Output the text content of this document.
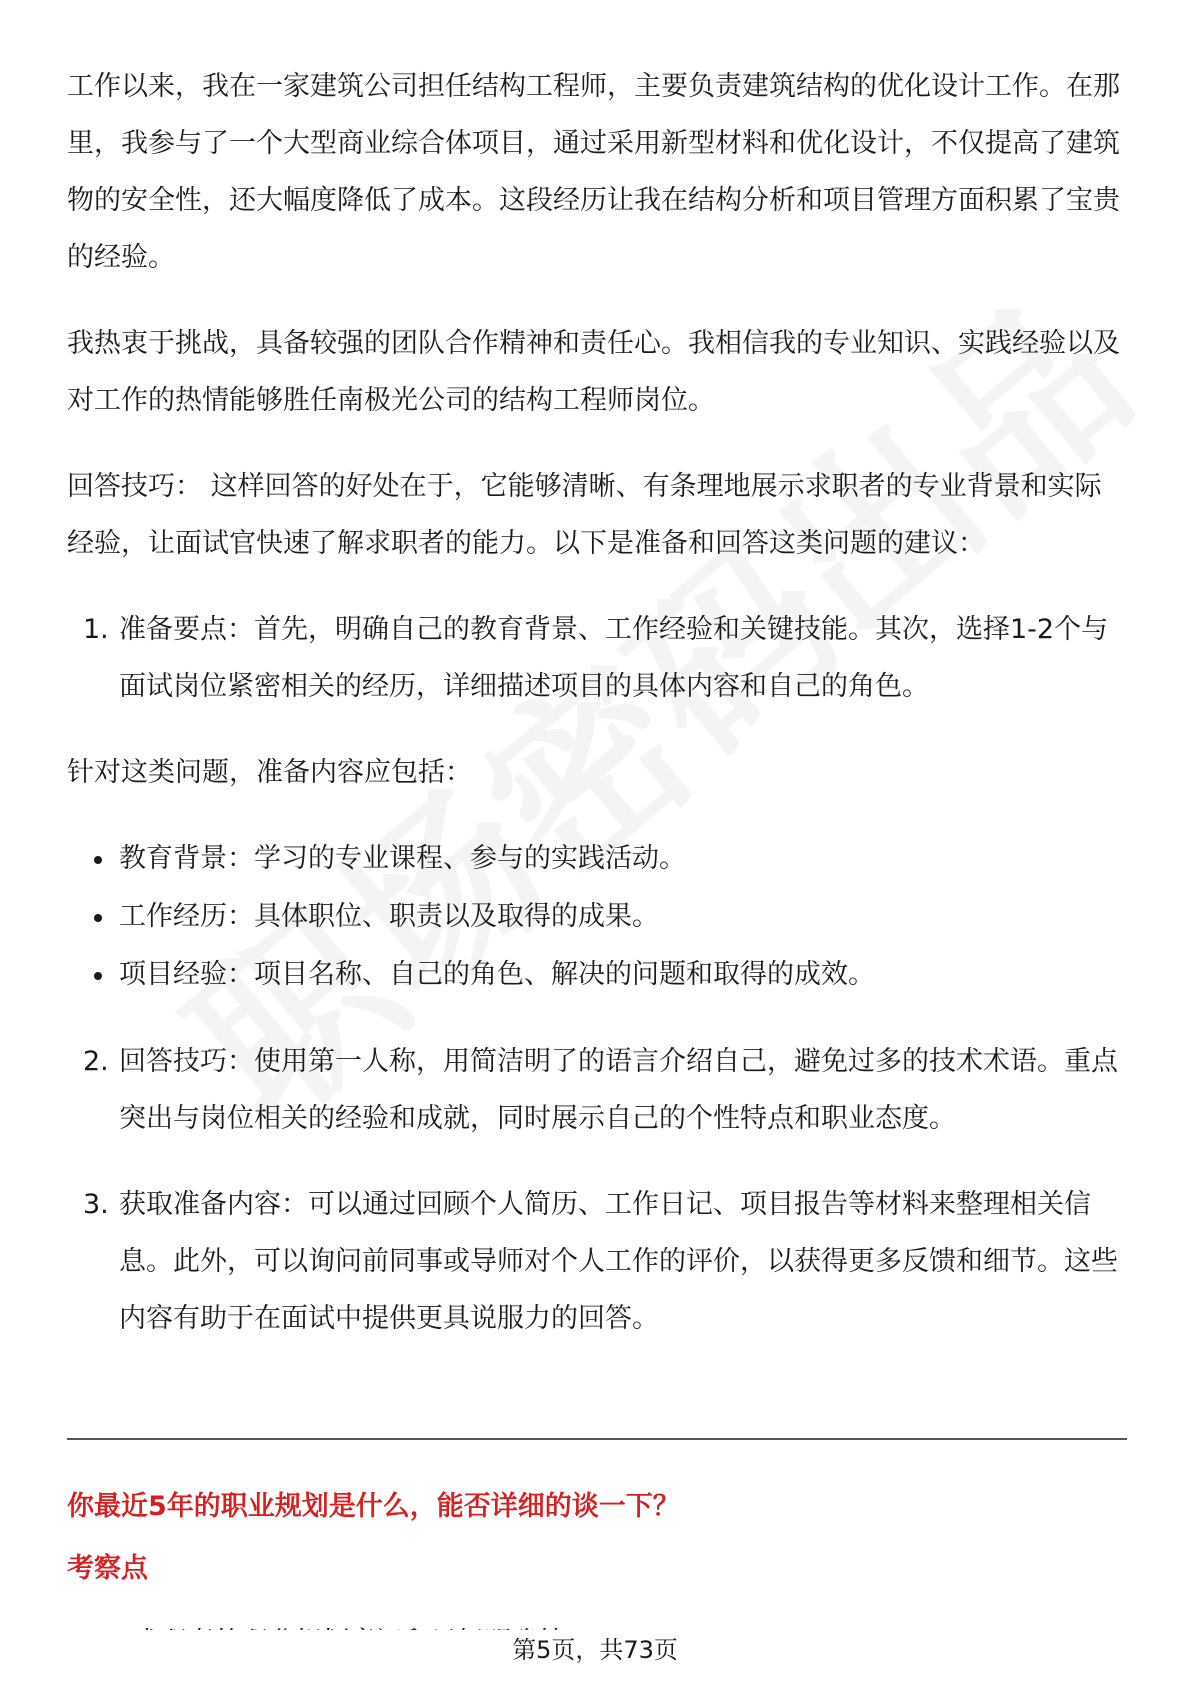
工作以来，我在一家建筑公司担任结构工程师，主要负责建筑结构的优化设计工作。在那里，我参与了一个大型商业综合体项目，通过采用新型材料和优化设计，不仅提高了建筑物的安全性，还大幅度降低了成本。这段经历让我在结构分析和项目管理方面积累了宝贵的经验。

我热衷于挑战，具备较强的团队合作精神和责任心。我相信我的专业知识、实践经验以及对工作的热情能够胜任南极光公司的结构工程师岗位。

回答技巧： 这样回答的好处在于，它能够清晰、有条理地展示求职者的专业背景和实际经验，让面试官快速了解求职者的能力。以下是准备和回答这类问题的建议：

1. 准备要点：首先，明确自己的教育背景、工作经验和关键技能。其次，选择1-2个与面试岗位紧密相关的经历，详细描述项目的具体内容和自己的角色。

针对这类问题，准备内容应包括：

教育背景：学习的专业课程、参与的实践活动。
工作经历：具体职位、职责以及取得的成果。
项目经验：项目名称、自己的角色、解决的问题和取得的成效。
2. 回答技巧：使用第一人称，用简洁明了的语言介绍自己，避免过多的技术术语。重点突出与岗位相关的经验和成就，同时展示自己的个性特点和职业态度。
3. 获取准备内容：可以通过回顾个人简历、工作日记、项目报告等材料来整理相关信息。此外，可以询问前同事或导师对个人工作的评价，以获得更多反馈和细节。这些内容有助于在面试中提供更具说服力的回答。
你最近5年的职业规划是什么，能否详细的谈一下？
考察点
第5页，共73页
